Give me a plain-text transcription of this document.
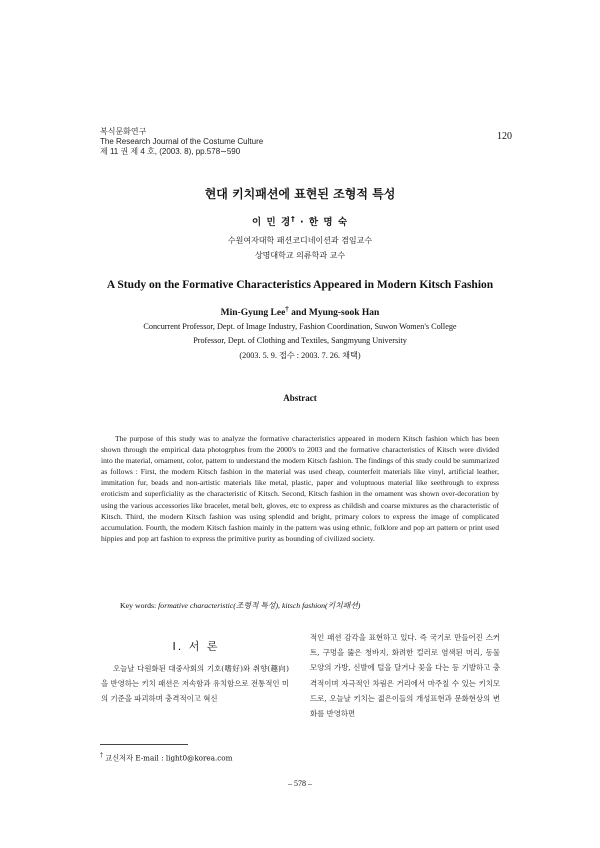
복식문화연구
The Research Journal of the Costume Culture
제 11 권 제 4 호, (2003. 8), pp.578∼590
120
현대 키치패션에 표현된 조형적 특성
이 민 경† · 한 명 숙
수원여자대학 패션코디네이션과 겸임교수
상명대학교 의류학과 교수
A Study on the Formative Characteristics Appeared in Modern Kitsch Fashion
Min-Gyung Lee† and Myung-sook Han
Concurrent Professor, Dept. of Image Industry, Fashion Coordination, Suwon Women's College
Professor, Dept. of Clothing and Textiles, Sangmyung University
(2003. 5. 9. 접수 : 2003. 7. 26. 채택)
Abstract

The purpose of this study was to analyze the formative characteristics appeared in modern Kitsch fashion which has been shown through the empirical data photogrphes from the 2000's to 2003 and the formative characteristics of Kitsch were divided into the material, ornament, color, pattern to understand the modern Kitsch fashion. The findings of this study could be summarized as follows : First, the modern Kitsch fashion in the material was used cheap, counterfeit materials like vinyl, artificial leather, immitation fur, beads and non-artistic materials like metal, plastic, paper and voluptuous material like seethrough to express eroticism and superficiality as the characteristic of Kitsch. Second, Kitsch fashion in the ornament was shown over-decoration by using the various accessories like bracelet, metal belt, gloves, etc to express as childish and coarse mixtures as the characteristic of Kitsch. Third, the modern Kitsch fashion was using splendid and bright, primary colors to express the image of complicated accumulation. Fourth, the modern Kitsch fashion mainly in the pattern was using ethnic, folklore and pop art pattern or print used hippies and pop art fashion to express the primitive purity as bounding of civilized society.

Key words: formative characteristic(조형적 특성), kitsch fashion(키치패션)
Ⅰ. 서 론

오늘날 다원화된 대중사회의 기호(嗜好)와 취향(趣向)을 반영하는 키치 패션은 저속함과 유치함으로 전통적인 미의 기준을 파괴하며 충격적이고 혁신

적인 패션 감각을 표현하고 있다. 즉 국기로 만들어진 스커트, 구멍을 뚫은 청바지, 화려한 컬러로 염색된 머리, 동물모양의 가방, 신발에 털을 달거나 꽃을 다는 등 기발하고 충격적이며 자극적인 차림은 거리에서 마주칠 수 있는 키치모드로, 오늘날 키치는 젊은이들의 개성표현과 문화현상의 변화를 반영하면

† 교신저자 E-mail : light0@korea.com
– 578 –
